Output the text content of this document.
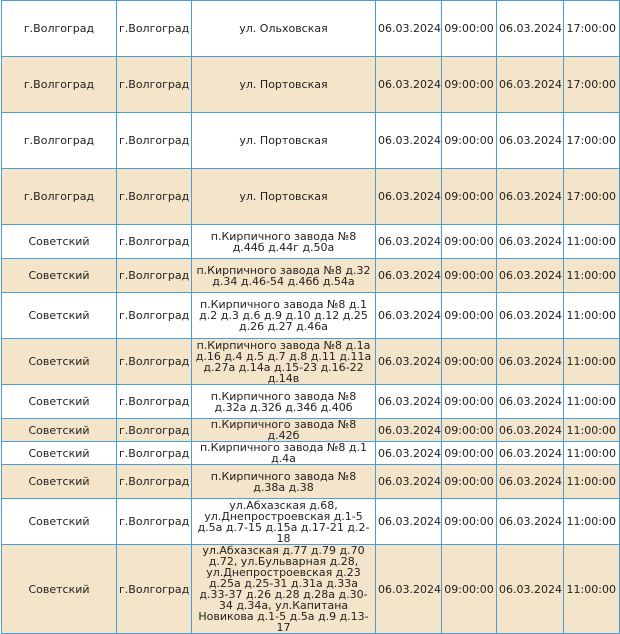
г.Волгоград	г.Волгоград	ул. Ольховская	06.03.2024	09:00:00	06.03.2024	17:00:00
г.Волгоград	г.Волгоград	ул. Портовская	06.03.2024	09:00:00	06.03.2024	17:00:00
г.Волгоград	г.Волгоград	ул. Портовская	06.03.2024	09:00:00	06.03.2024	17:00:00
г.Волгоград	г.Волгоград	ул. Портовская	06.03.2024	09:00:00	06.03.2024	17:00:00
Советский	г.Волгоград	п.Кирпичного завода №8 д.44б д.44г д.50а	06.03.2024	09:00:00	06.03.2024	11:00:00
Советский	г.Волгоград	п.Кирпичного завода №8 д.32 д.34 д.46-54 д.46б д.54а	06.03.2024	09:00:00	06.03.2024	11:00:00
Советский	г.Волгоград	п.Кирпичного завода №8 д.1 д.2 д.3 д.6 д.9 д.10 д.12 д.25 д.26 д.27 д.46а	06.03.2024	09:00:00	06.03.2024	11:00:00
Советский	г.Волгоград	п.Кирпичного завода №8 д.1а д.16 д.4 д.5 д.7 д.8 д.11 д.11а д.27а д.14а д.15-23 д.16-22 д.14в	06.03.2024	09:00:00	06.03.2024	11:00:00
Советский	г.Волгоград	п.Кирпичного завода №8 д.32а д.32б д.34б д.40б	06.03.2024	09:00:00	06.03.2024	11:00:00
Советский	г.Волгоград	п.Кирпичного завода №8 д.42б	06.03.2024	09:00:00	06.03.2024	11:00:00
Советский	г.Волгоград	п.Кирпичного завода №8 д.1 д.4а	06.03.2024	09:00:00	06.03.2024	11:00:00
Советский	г.Волгоград	п.Кирпичного завода №8 д.38а д.38	06.03.2024	09:00:00	06.03.2024	11:00:00
Советский	г.Волгоград	ул.Абхазская д.68, ул.Днепростроевская д.1-5 д.5а д.7-15 д.15а д.17-21 д.2-18	06.03.2024	09:00:00	06.03.2024	11:00:00
Советский	г.Волгоград	ул.Абхазская д.77 д.79 д.70 д.72, ул.Бульварная д.28, ул.Днепростроевская д.23 д.25а д.25-31 д.31а д.33а д.33-37 д.26 д.28 д.28а д.30-34 д.34а, ул.Капитана Новикова д.1-5 д.5а д.9 д.13-17	06.03.2024	09:00:00	06.03.2024	11:00:00
